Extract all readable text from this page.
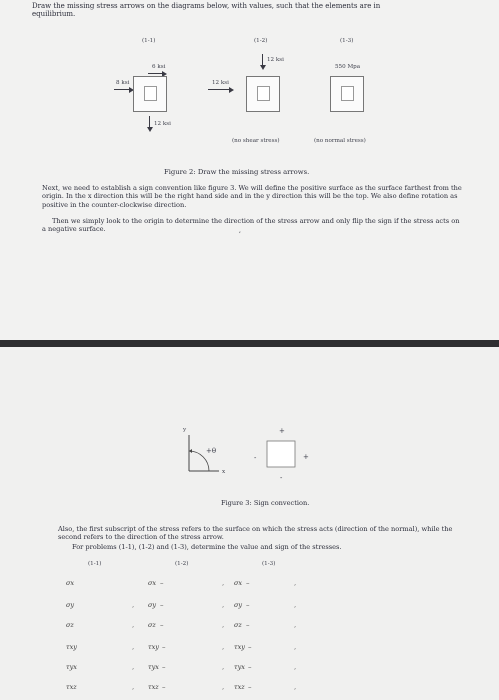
Draw the missing stress arrows on the diagrams below, with values, such that the elements are in
equilibrium.
(1-1)
6 ksi
8 ksi
12 ksi
(1-2)
12 ksi
12 ksi
(1-3)
550 Mpa
(no shear stress)	(no normal stress)
Figure 2: Draw the missing stress arrows.
Next, we need to establish a sign convention like figure 3. We will define the positive surface as the surface farthest from the origin. In the x direction this will be the right hand side and in the y direction this will be the top. We also define rotation as positive in the counter-clockwise direction.
Then we simply look to the origin to determine the direction of the stress arrow and only flip the sign if the stress acts on a negative surface.	,
y
x
+θ
+
+
-
-
Figure 3: Sign convection.
Also, the first subscript of the stress refers to the surface on which the stress acts (direction of the normal), while the second refers to the direction of the stress arrow.
For problems (1-1), (1-2) and (1-3), determine the value and sign of the stresses.
(1-1)	(1-2)	(1-3)
σx	σx –	, σx –	,
σy	, σy –	, σy –	,
σz	, σz –	, σz –	,
τxy	, τxy –	, τxy –	,
τyx	, τyx –	, τyx –	,
τxz	, τxz –	, τxz –	,
